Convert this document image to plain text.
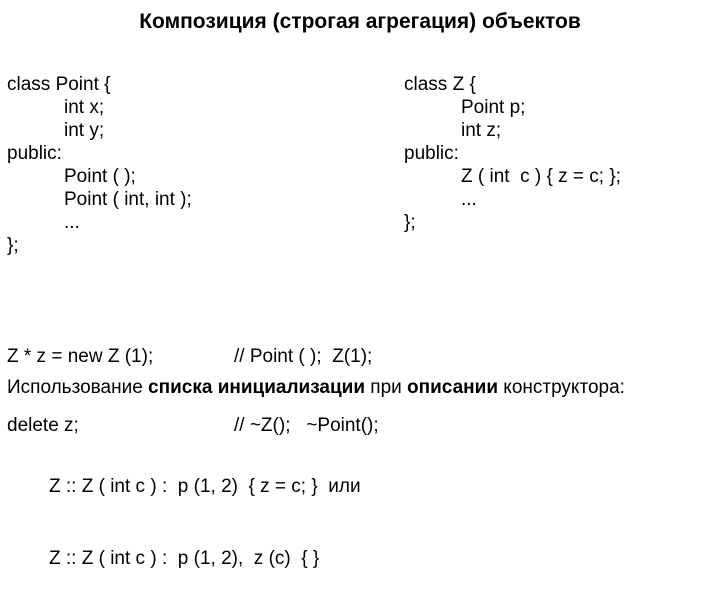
Композиция (строгая агрегация) объектов
class Point {
int x;
int y;
public:
Point ( );
Point ( int, int );
...
};
class Z {
Point p;
int z;
public:
Z ( int  c ) { z = c; };
...
};

Z * z = new Z (1);

delete z;

// Point ( );  Z(1);

// ~Z();   ~Point();

Использование списка инициализации при описании конструктора:

Z :: Z ( int c ) :  p (1, 2)  { z = c; }  или

Z :: Z ( int c ) :  p (1, 2),  z (c)  { }
